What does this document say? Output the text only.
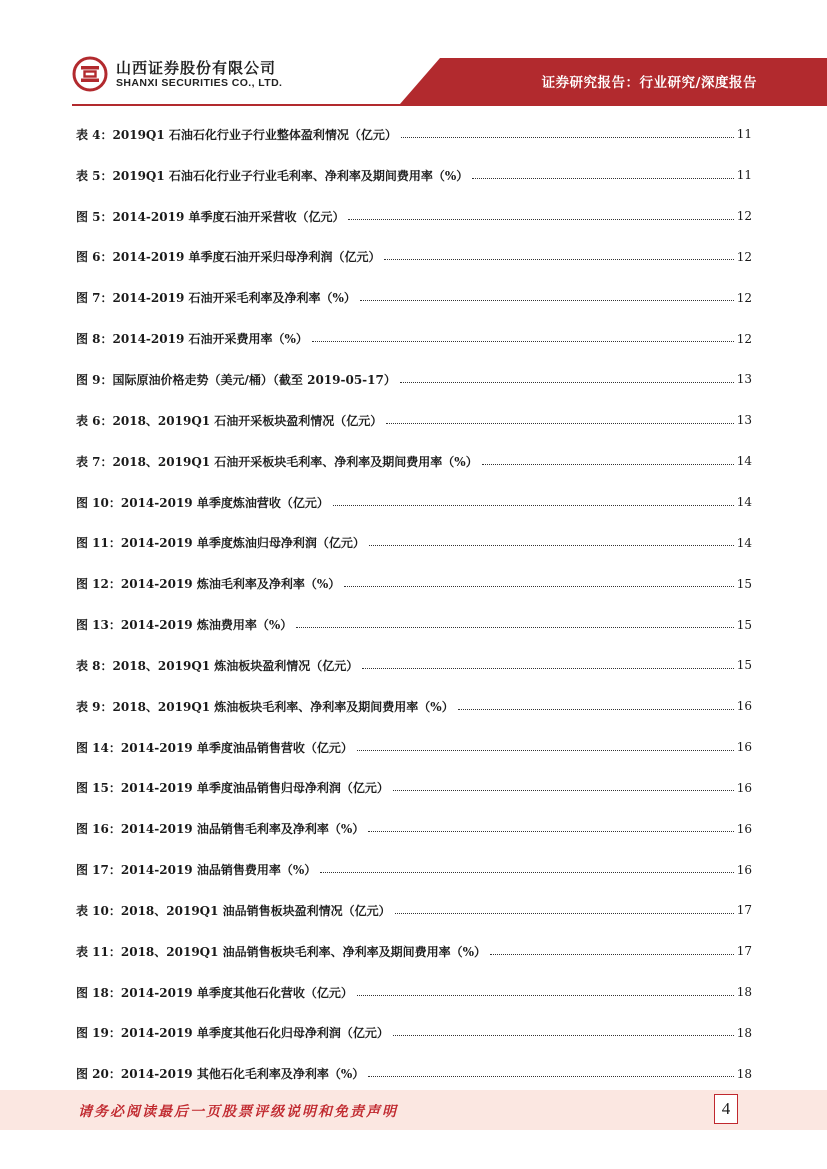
山西证券股份有限公司
SHANXI SECURITIES CO., LTD.	证券研究报告：行业研究/深度报告
表 4：2019Q1 石油石化行业子行业整体盈利情况（亿元）	11
表 5：2019Q1 石油石化行业子行业毛利率、净利率及期间费用率（%）	11
图 5：2014-2019 单季度石油开采营收（亿元）	12
图 6：2014-2019 单季度石油开采归母净利润（亿元）	12
图 7：2014-2019 石油开采毛利率及净利率（%）	12
图 8：2014-2019 石油开采费用率（%）	12
图 9：国际原油价格走势（美元/桶）（截至 2019-05-17）	13
表 6：2018、2019Q1 石油开采板块盈利情况（亿元）	13
表 7：2018、2019Q1 石油开采板块毛利率、净利率及期间费用率（%）	14
图 10：2014-2019 单季度炼油营收（亿元）	14
图 11：2014-2019 单季度炼油归母净利润（亿元）	14
图 12：2014-2019 炼油毛利率及净利率（%）	15
图 13：2014-2019 炼油费用率（%）	15
表 8：2018、2019Q1 炼油板块盈利情况（亿元）	15
表 9：2018、2019Q1 炼油板块毛利率、净利率及期间费用率（%）	16
图 14：2014-2019 单季度油品销售营收（亿元）	16
图 15：2014-2019 单季度油品销售归母净利润（亿元）	16
图 16：2014-2019 油品销售毛利率及净利率（%）	16
图 17：2014-2019 油品销售费用率（%）	16
表 10：2018、2019Q1 油品销售板块盈利情况（亿元）	17
表 11：2018、2019Q1 油品销售板块毛利率、净利率及期间费用率（%）	17
图 18：2014-2019 单季度其他石化营收（亿元）	18
图 19：2014-2019 单季度其他石化归母净利润（亿元）	18
图 20：2014-2019 其他石化毛利率及净利率（%）	18
请务必阅读最后一页股票评级说明和免责声明	4
